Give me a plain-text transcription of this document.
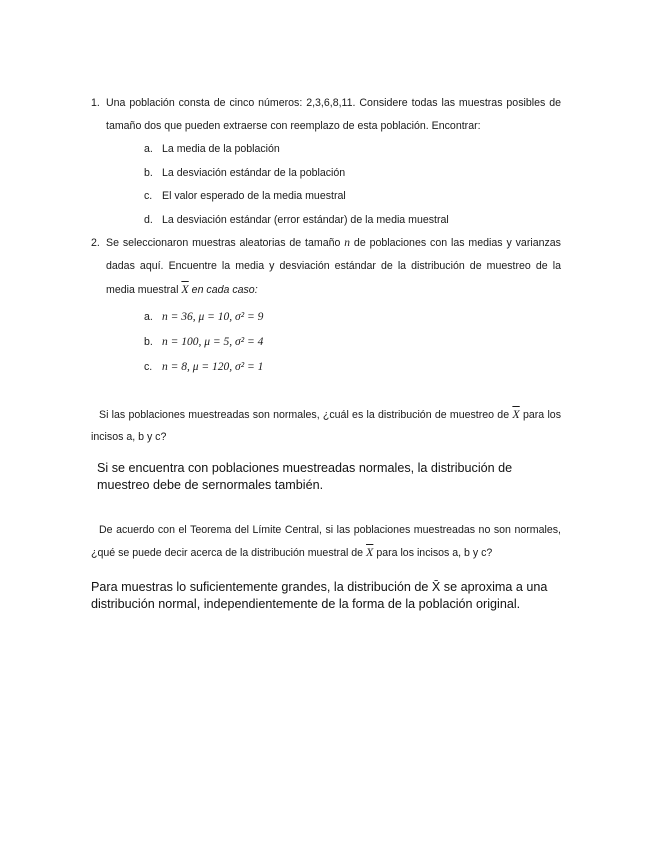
1. Una población consta de cinco números: 2,3,6,8,11. Considere todas las muestras posibles de tamaño dos que pueden extraerse con reemplazo de esta población. Encontrar:
a. La media de la población
b. La desviación estándar de la población
c. El valor esperado de la media muestral
d. La desviación estándar (error estándar) de la media muestral
2. Se seleccionaron muestras aleatorias de tamaño n de poblaciones con las medias y varianzas dadas aquí. Encuentre la media y desviación estándar de la distribución de muestreo de la media muestral $\overline{X}$ en cada caso:
a. n = 36, μ = 10, σ² = 9
b. n = 100, μ = 5, σ² = 4
c. n = 8, μ = 120, σ² = 1
Si las poblaciones muestreadas son normales, ¿cuál es la distribución de muestreo de $\overline{X}$ para los incisos a, b y c?
Si se encuentra con poblaciones muestreadas normales, la distribución de muestreo debe de sernormales también.
De acuerdo con el Teorema del Límite Central, si las poblaciones muestreadas no son normales, ¿qué se puede decir acerca de la distribución muestral de $\overline{X}$ para los incisos a, b y c?
Para muestras lo suficientemente grandes, la distribución de X̄ se aproxima a una distribución normal, independientemente de la forma de la población original.
